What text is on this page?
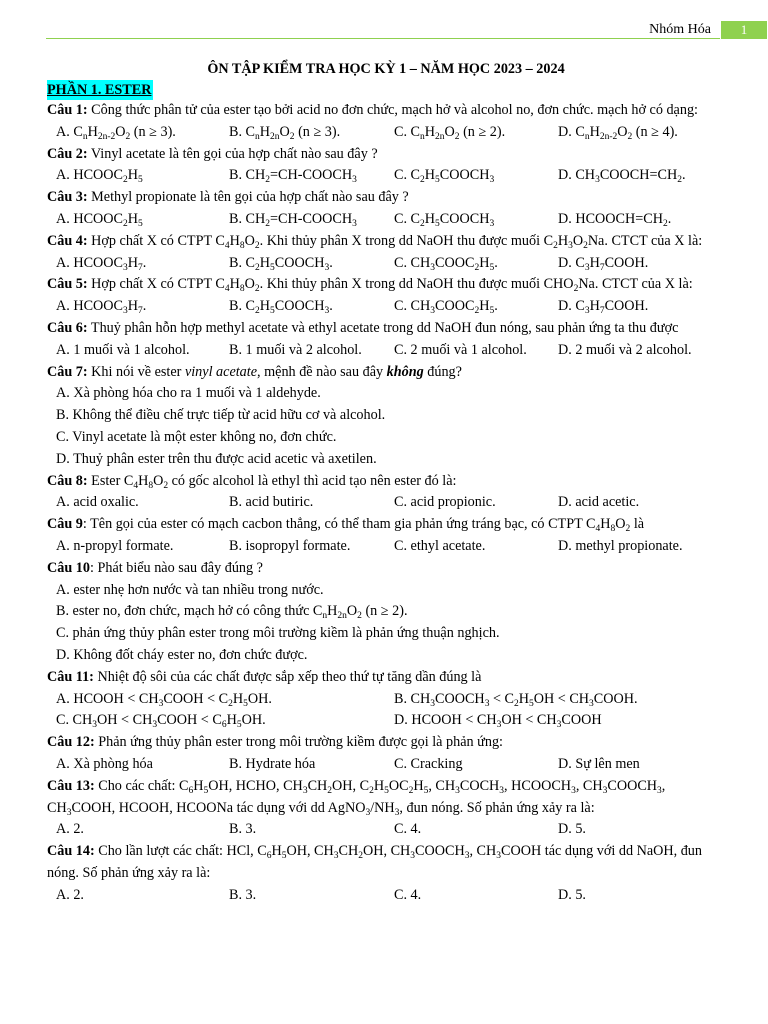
Nhóm Hóa	1
ÔN TẬP KIỂM TRA HỌC KỲ 1 – NĂM HỌC 2023 – 2024
PHẦN 1. ESTER
Câu 1: Công thức phân tử của ester tạo bởi acid no đơn chức, mạch hở và alcohol no, đơn chức. mạch hở có dạng:
A. $C_nH_{2n-2}O_2$ (n ≥ 3).	B. $C_nH_{2n}O_2$ (n ≥ 3).	C. $C_nH_{2n}O_2$ (n ≥ 2).	D. $C_nH_{2n-2}O_2$ (n ≥ 4).
Câu 2: Vinyl acetate là tên gọi của hợp chất nào sau đây ?
A. $HCOOC_2H_5$	B. $CH_2=CH-COOCH_3$	C. $C_2H_5COOCH_3$	D. $CH_3COOCH=CH_2$.
Câu 3: Methyl propionate là tên gọi của hợp chất nào sau đây ?
A. $HCOOC_2H_5$	B. $CH_2=CH-COOCH_3$	C. $C_2H_5COOCH_3$	D. $HCOOCH=CH_2$.
Câu 4: Hợp chất X có CTPT $C_4H_8O_2$. Khi thủy phân X trong dd NaOH thu được muối $C_2H_3O_2Na$. CTCT của X là:
A. $HCOOC_3H_7$.	B. $C_2H_5COOCH_3$.	C. $CH_3COOC_2H_5$.	D. $C_3H_7COOH$.
Câu 5: Hợp chất X có CTPT $C_4H_8O_2$. Khi thủy phân X trong dd NaOH thu được muối $CHO_2Na$. CTCT của X là:
A. $HCOOC_3H_7$.	B. $C_2H_5COOCH_3$.	C. $CH_3COOC_2H_5$.	D. $C_3H_7COOH$.
Câu 6: Thuỷ phân hỗn hợp methyl acetate và ethyl acetate trong dd NaOH đun nóng, sau phản ứng ta thu được
A. 1 muối và 1 alcohol.	B. 1 muối và 2 alcohol. C. 2 muối và 1 alcohol. D. 2 muối và 2 alcohol.
Câu 7: Khi nói về ester vinyl acetate, mệnh đề nào sau đây không đúng?
A. Xà phòng hóa cho ra 1 muối và 1 aldehyde.
B. Không thể điều chế trực tiếp từ acid hữu cơ và alcohol.
C. Vinyl acetate là một ester không no, đơn chức.
D. Thuỷ phân ester trên thu được acid acetic và axetilen.
Câu 8: Ester $C_4H_8O_2$ có gốc alcohol là ethyl thì acid tạo nên ester đó là:
A. acid oxalic.	B. acid butiric.	C. acid propionic.	D. acid acetic.
Câu 9: Tên gọi của ester có mạch cacbon thẳng, có thể tham gia phản ứng tráng bạc, có CTPT $C_4H_8O_2$ là
A. n-propyl formate.	B. isopropyl formate.	C. ethyl acetate.	D. methyl propionate.
Câu 10: Phát biểu nào sau đây đúng ?
A. ester nhẹ hơn nước và tan nhiều trong nước.
B. ester no, đơn chức, mạch hở có công thức $C_nH_{2n}O_2$ (n ≥ 2).
C. phản ứng thủy phân ester trong môi trường kiềm là phản ứng thuận nghịch.
D. Không đốt cháy ester no, đơn chức được.
Câu 11: Nhiệt độ sôi của các chất được sắp xếp theo thứ tự tăng dần đúng là
A. HCOOH < $CH_3COOH < C_2H_5OH$.	B. $CH_3COOCH_3 < C_2H_5OH$ < $CH_3COOH$.
C. $CH_3OH$ < $CH_3COOH < C_6H_5OH$.	D. HCOOH < $CH_3OH$ < $CH_3COOH$
Câu 12: Phản ứng thủy phân ester trong môi trường kiềm được gọi là phản ứng:
A. Xà phòng hóa	B. Hydrate hóa	C. Cracking	D. Sự lên men
Câu 13: Cho các chất: $C_6H_5OH$, HCHO, $CH_3CH_2OH$, $C_2H_5OC_2H_5$, $CH_3COCH_3$, $HCOOCH_3$, $CH_3COOCH_3$, $CH_3COOH$, HCOOH, HCOONa tác dụng với dd $AgNO_3/NH_3$, đun nóng. Số phản ứng xảy ra là:
A. 2.	B. 3.	C. 4.	D. 5.
Câu 14: Cho lần lượt các chất: HCl, $C_6H_5OH$, $CH_3CH_2OH$, $CH_3COOCH_3$, $CH_3COOH$ tác dụng với dd NaOH, đun nóng. Số phản ứng xảy ra là:
A. 2.	B. 3.	C. 4.	D. 5.
